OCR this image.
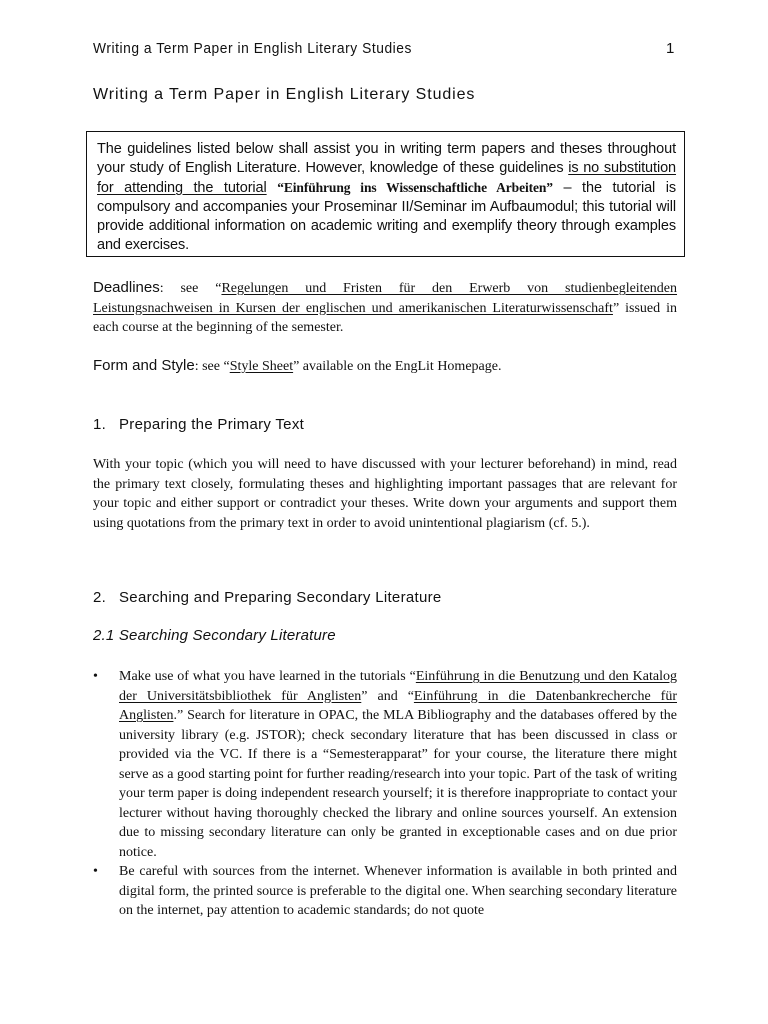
Writing a Term Paper in English Literary Studies	1
Writing a Term Paper in English Literary Studies
The guidelines listed below shall assist you in writing term papers and theses throughout your study of English Literature. However, knowledge of these guidelines is no substitution for attending the tutorial “Einführung ins Wissenschaftliche Arbeiten” – the tutorial is compulsory and accompanies your Proseminar II/Seminar im Aufbaumodul; this tutorial will provide additional information on academic writing and exemplify theory through examples and exercises.
Deadlines: see “Regelungen und Fristen für den Erwerb von studienbegleitenden Leistungsnachweisen in Kursen der englischen und amerikanischen Literaturwissenschaft” issued in each course at the beginning of the semester.
Form and Style: see “Style Sheet” available on the EngLit Homepage.
1. Preparing the Primary Text
With your topic (which you will need to have discussed with your lecturer beforehand) in mind, read the primary text closely, formulating theses and highlighting important passages that are relevant for your topic and either support or contradict your theses. Write down your arguments and support them using quotations from the primary text in order to avoid unintentional plagiarism (cf. 5.).
2. Searching and Preparing Secondary Literature
2.1 Searching Secondary Literature
• Make use of what you have learned in the tutorials “Einführung in die Benutzung und den Katalog der Universitätsbibliothek für Anglisten” and “Einführung in die Datenbankrecherche für Anglisten.” Search for literature in OPAC, the MLA Bibliography and the databases offered by the university library (e.g. JSTOR); check secondary literature that has been discussed in class or provided via the VC. If there is a “Semesterapparat” for your course, the literature there might serve as a good starting point for further reading/research into your topic. Part of the task of writing your term paper is doing independent research yourself; it is therefore inappropriate to contact your lecturer without having thoroughly checked the library and online sources yourself. An extension due to missing secondary literature can only be granted in exceptionable cases and on due prior notice.
• Be careful with sources from the internet. Whenever information is available in both printed and digital form, the printed source is preferable to the digital one. When searching secondary literature on the internet, pay attention to academic standards; do not quote
